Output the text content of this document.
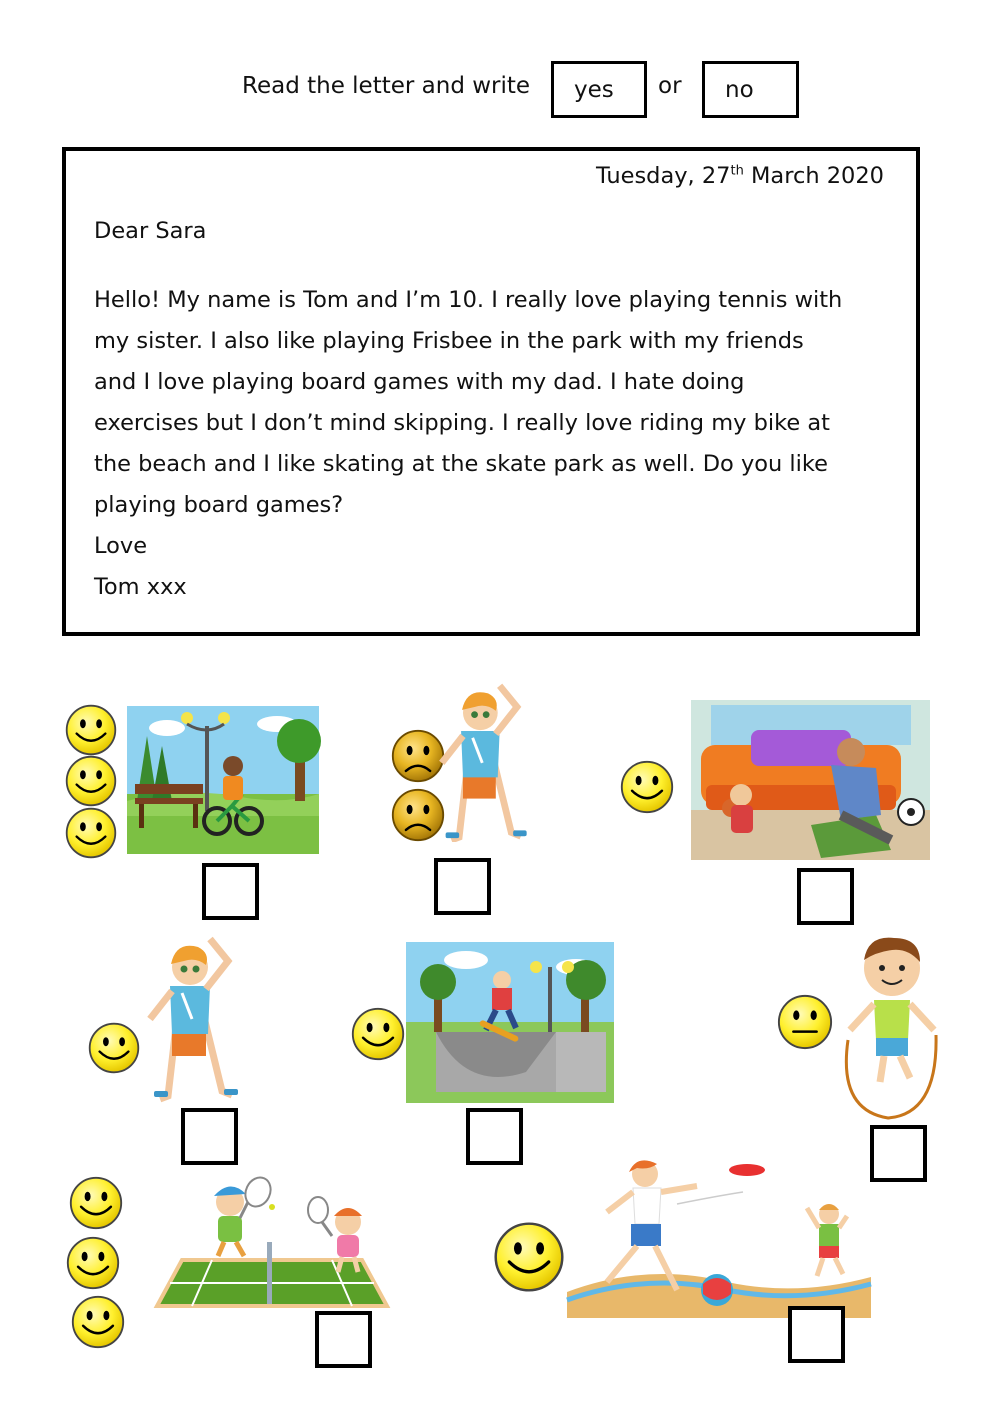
Read the letter and write	yes	or	no
Tuesday, 27th March 2020
Dear Sara
Hello! My name is Tom and I’m 10. I really love playing tennis with
my sister. I also like playing Frisbee in the park with my friends
and I love playing board games with my dad. I hate doing
exercises but I don’t mind skipping. I really love riding my bike at
the beach and I like skating at the skate park as well. Do you like
playing board games?
Love
Tom xxx
